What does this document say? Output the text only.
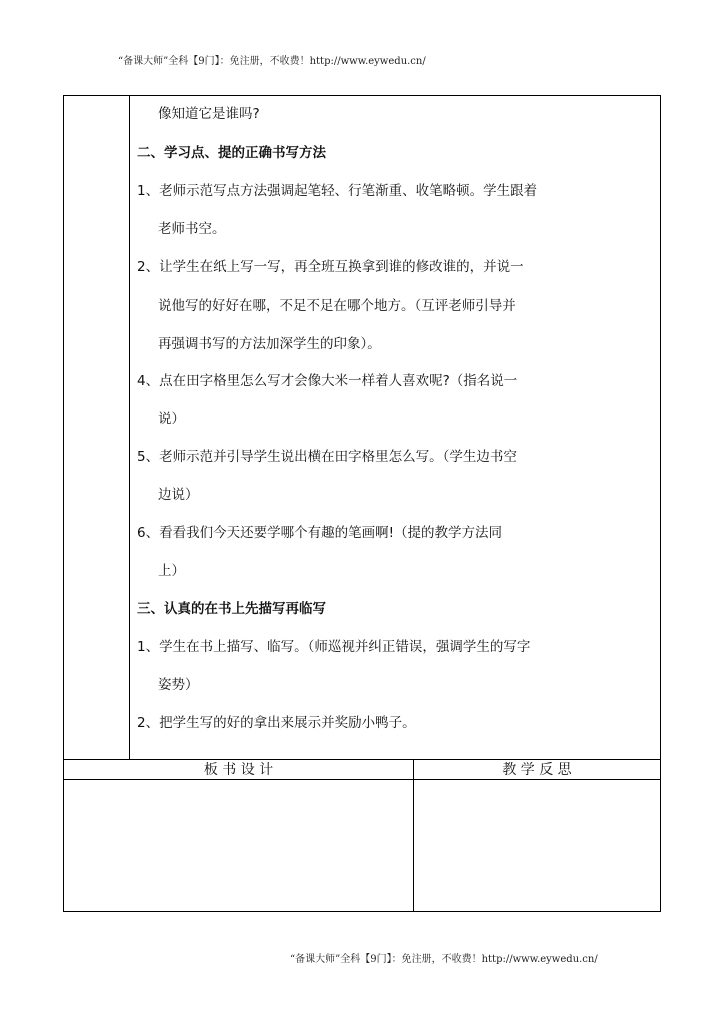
“备课大师”全科【9门】：免注册，不收费！http://www.eywedu.cn/
像知道它是谁吗?
二、学习点、提的正确书写方法
1、老师示范写点方法强调起笔轻、行笔渐重、收笔略顿。学生跟着
老师书空。
2、让学生在纸上写一写，再全班互换拿到谁的修改谁的，并说一
说他写的好好在哪，不足不足在哪个地方。（互评老师引导并
再强调书写的方法加深学生的印象）。
4、点在田字格里怎么写才会像大米一样着人喜欢呢?（指名说一
说）
5、老师示范并引导学生说出横在田字格里怎么写。（学生边书空
边说）
6、看看我们今天还要学哪个有趣的笔画啊!（提的教学方法同
上）
三、认真的在书上先描写再临写
1、学生在书上描写、临写。（师巡视并纠正错误，强调学生的写字
姿势）
2、把学生写的好的拿出来展示并奖励小鸭子。
板 书 设 计	教 学 反 思
“备课大师”全科【9门】：免注册，不收费！http://www.eywedu.cn/
